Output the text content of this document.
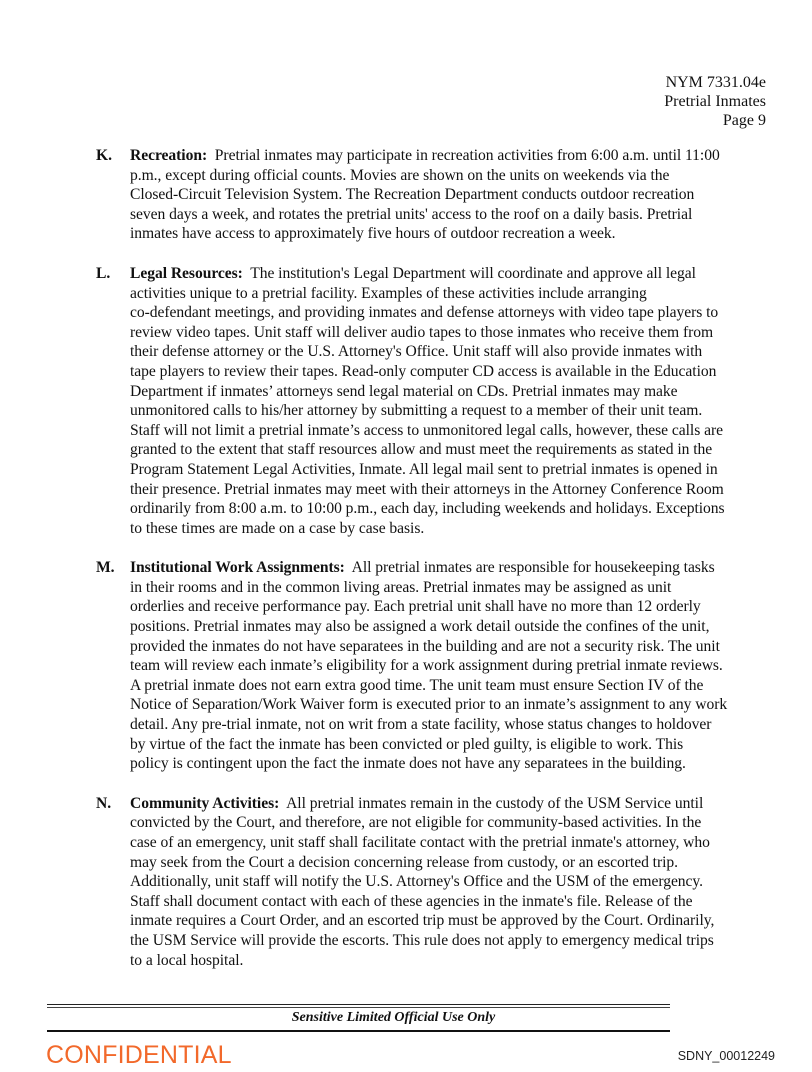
NYM 7331.04e
Pretrial Inmates
Page 9
K. Recreation:  Pretrial inmates may participate in recreation activities from 6:00 a.m. until 11:00
p.m., except during official counts. Movies are shown on the units on weekends via the
Closed-Circuit Television System. The Recreation Department conducts outdoor recreation
seven days a week, and rotates the pretrial units' access to the roof on a daily basis. Pretrial
inmates have access to approximately five hours of outdoor recreation a week.
L. Legal Resources:  The institution's Legal Department will coordinate and approve all legal
activities unique to a pretrial facility. Examples of these activities include arranging
co-defendant meetings, and providing inmates and defense attorneys with video tape players to
review video tapes. Unit staff will deliver audio tapes to those inmates who receive them from
their defense attorney or the U.S. Attorney's Office. Unit staff will also provide inmates with
tape players to review their tapes. Read-only computer CD access is available in the Education
Department if inmates’ attorneys send legal material on CDs. Pretrial inmates may make
unmonitored calls to his/her attorney by submitting a request to a member of their unit team.
Staff will not limit a pretrial inmate’s access to unmonitored legal calls, however, these calls are
granted to the extent that staff resources allow and must meet the requirements as stated in the
Program Statement Legal Activities, Inmate. All legal mail sent to pretrial inmates is opened in
their presence. Pretrial inmates may meet with their attorneys in the Attorney Conference Room
ordinarily from 8:00 a.m. to 10:00 p.m., each day, including weekends and holidays. Exceptions
to these times are made on a case by case basis.
M. Institutional Work Assignments:  All pretrial inmates are responsible for housekeeping tasks
in their rooms and in the common living areas. Pretrial inmates may be assigned as unit
orderlies and receive performance pay. Each pretrial unit shall have no more than 12 orderly
positions. Pretrial inmates may also be assigned a work detail outside the confines of the unit,
provided the inmates do not have separatees in the building and are not a security risk. The unit
team will review each inmate’s eligibility for a work assignment during pretrial inmate reviews.
A pretrial inmate does not earn extra good time. The unit team must ensure Section IV of the
Notice of Separation/Work Waiver form is executed prior to an inmate’s assignment to any work
detail. Any pre-trial inmate, not on writ from a state facility, whose status changes to holdover
by virtue of the fact the inmate has been convicted or pled guilty, is eligible to work. This
policy is contingent upon the fact the inmate does not have any separatees in the building.
N. Community Activities:  All pretrial inmates remain in the custody of the USM Service until
convicted by the Court, and therefore, are not eligible for community-based activities. In the
case of an emergency, unit staff shall facilitate contact with the pretrial inmate's attorney, who
may seek from the Court a decision concerning release from custody, or an escorted trip.
Additionally, unit staff will notify the U.S. Attorney's Office and the USM of the emergency.
Staff shall document contact with each of these agencies in the inmate's file. Release of the
inmate requires a Court Order, and an escorted trip must be approved by the Court. Ordinarily,
the USM Service will provide the escorts. This rule does not apply to emergency medical trips
to a local hospital.
Sensitive Limited Official Use Only
CONFIDENTIAL	SDNY_00012249
